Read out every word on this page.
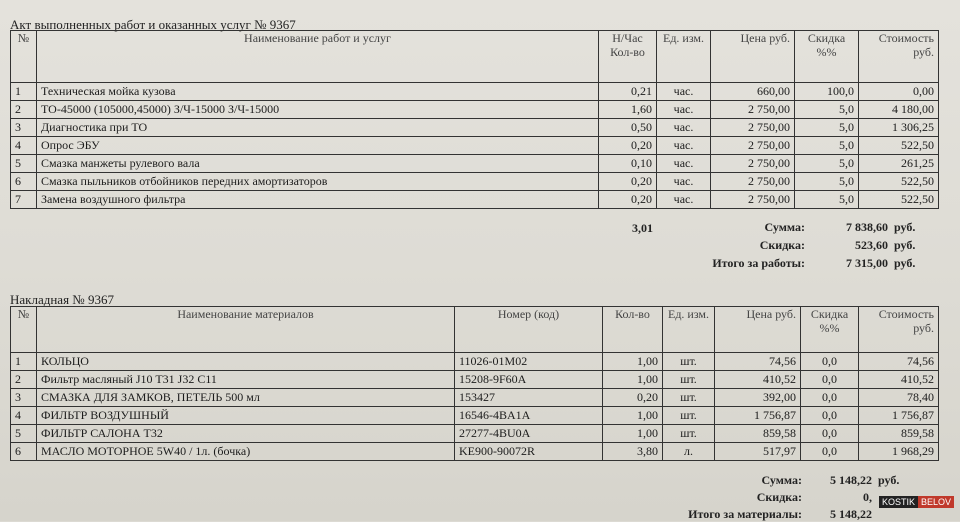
Акт выполненных работ и оказанных услуг № 9367
№	Наименование работ и услуг	Н/Час Кол-во	Ед. изм.	Цена руб.	Скидка %%	Стоимость руб.
1	Техническая мойка кузова	0,21	час.	660,00	100,0	0,00
2	ТО-45000 (105000,45000) З/Ч-15000 З/Ч-15000	1,60	час.	2 750,00	5,0	4 180,00
3	Диагностика при ТО	0,50	час.	2 750,00	5,0	1 306,25
4	Опрос ЭБУ	0,20	час.	2 750,00	5,0	522,50
5	Смазка манжеты рулевого вала	0,10	час.	2 750,00	5,0	261,25
6	Смазка пыльников отбойников передних амортизаторов	0,20	час.	2 750,00	5,0	522,50
7	Замена воздушного фильтра	0,20	час.	2 750,00	5,0	522,50
3,01	Сумма:	7 838,60 руб.
Скидка:	523,60 руб.
Итого за работы:	7 315,00 руб.
Накладная № 9367
№	Наименование материалов	Номер (код)	Кол-во	Ед. изм.	Цена руб.	Скидка %%	Стоимость руб.
1	КОЛЬЦО	11026-01M02	1,00	шт.	74,56	0,0	74,56
2	Фильтр масляный J10 T31 J32 C11	15208-9F60A	1,00	шт.	410,52	0,0	410,52
3	СМАЗКА ДЛЯ ЗАМКОВ, ПЕТЕЛЬ 500 мл	153427	0,20	шт.	392,00	0,0	78,40
4	ФИЛЬТР ВОЗДУШНЫЙ	16546-4BA1A	1,00	шт.	1 756,87	0,0	1 756,87
5	ФИЛЬТР САЛОНА T32	27277-4BU0A	1,00	шт.	859,58	0,0	859,58
6	МАСЛО МОТОРНОЕ 5W40 / 1л. (бочка)	KE900-90072R	3,80	л.	517,97	0,0	1 968,29
Сумма:	5 148,22 руб.
Скидка:	0,
Итого за материалы:	5 148,22
KOSTIK BELOV
